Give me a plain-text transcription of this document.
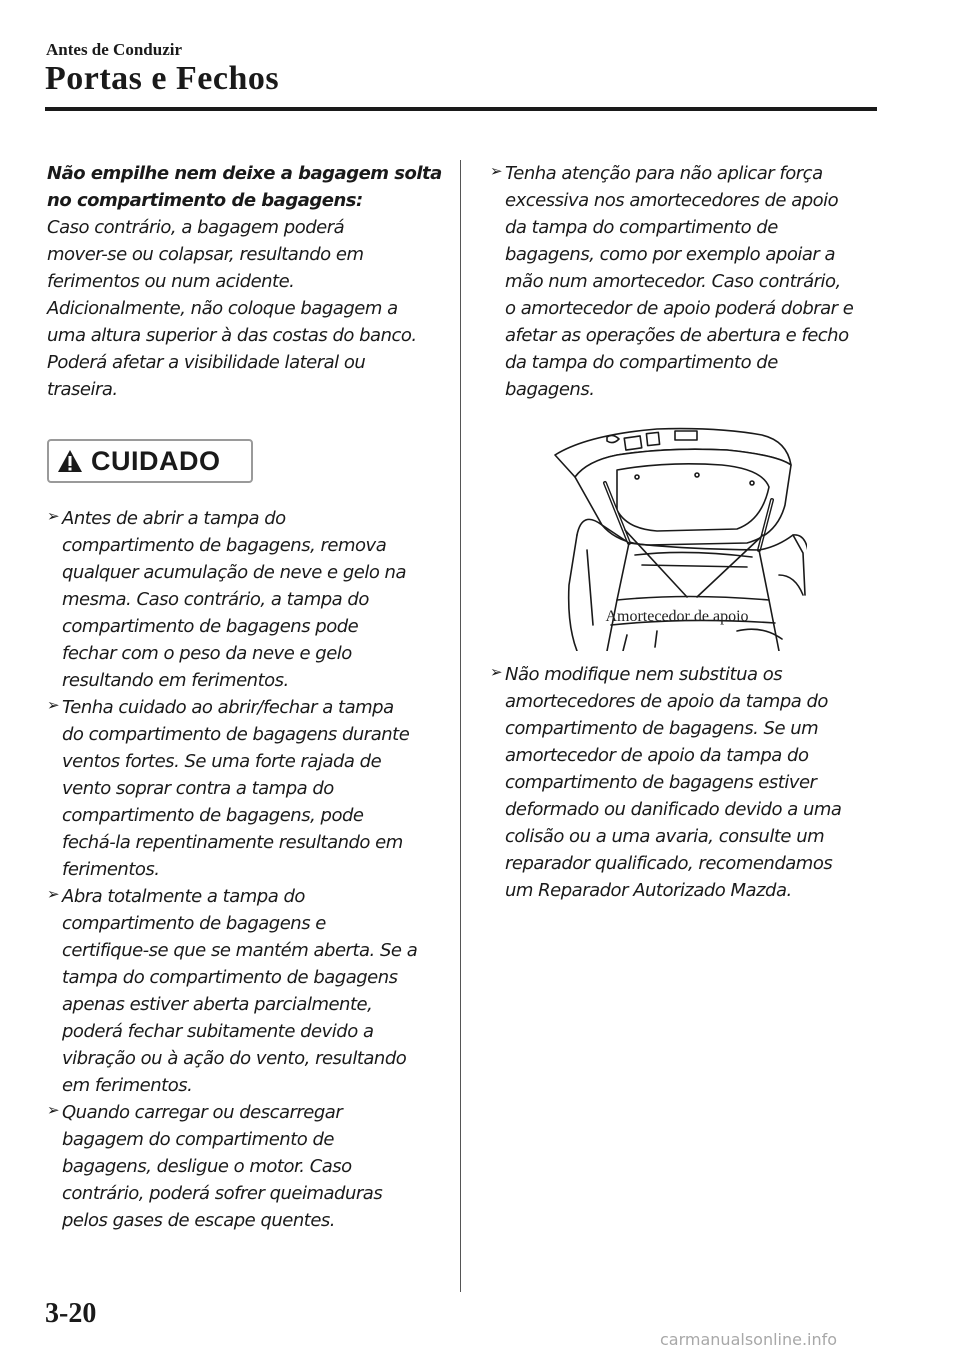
Antes de Conduzir
Portas e Fechos

Não empilhe nem deixe a bagagem solta

no compartimento de bagagens:

Caso contrário, a bagagem poderá

mover-se ou colapsar, resultando em

ferimentos ou num acidente.

Adicionalmente, não coloque bagagem a

uma altura superior à das costas do banco.

Poderá afetar a visibilidade lateral ou

traseira.

CUIDADO
➢ Antes de abrir a tampa do

compartimento de bagagens, remova

qualquer acumulação de neve e gelo na

mesma. Caso contrário, a tampa do

compartimento de bagagens pode

fechar com o peso da neve e gelo

resultando em ferimentos.

➢ Tenha cuidado ao abrir/fechar a tampa

do compartimento de bagagens durante

ventos fortes. Se uma forte rajada de

vento soprar contra a tampa do

compartimento de bagagens, pode

fechá-la repentinamente resultando em

ferimentos.

➢ Abra totalmente a tampa do

compartimento de bagagens e

certifique-se que se mantém aberta. Se a

tampa do compartimento de bagagens

apenas estiver aberta parcialmente,

poderá fechar subitamente devido a

vibração ou à ação do vento, resultando

em ferimentos.

➢ Quando carregar ou descarregar

bagagem do compartimento de

bagagens, desligue o motor. Caso

contrário, poderá sofrer queimaduras

pelos gases de escape quentes.

➢ Tenha atenção para não aplicar força

excessiva nos amortecedores de apoio

da tampa do compartimento de

bagagens, como por exemplo apoiar a

mão num amortecedor. Caso contrário,

o amortecedor de apoio poderá dobrar e

afetar as operações de abertura e fecho

da tampa do compartimento de

bagagens.

Amortecedor de apoio
➢ Não modifique nem substitua os

amortecedores de apoio da tampa do

compartimento de bagagens. Se um

amortecedor de apoio da tampa do

compartimento de bagagens estiver

deformado ou danificado devido a uma

colisão ou a uma avaria, consulte um

reparador qualificado, recomendamos

um Reparador Autorizado Mazda.

3-20
carmanualsonline.info
